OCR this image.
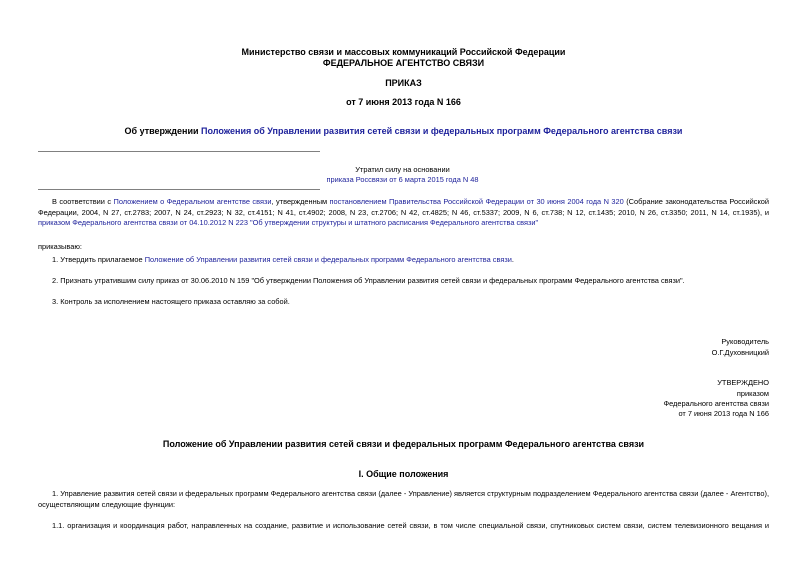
Министерство связи и массовых коммуникаций Российской Федерации
ФЕДЕРАЛЬНОЕ АГЕНТСТВО СВЯЗИ
ПРИКАЗ
от 7 июня 2013 года N 166
Об утверждении Положения об Управлении развития сетей связи и федеральных программ Федерального агентства связи
Утратил силу на основании
приказа Россвязи от 6 марта 2015 года N 48
В соответствии с Положением о Федеральном агентстве связи, утвержденным постановлением Правительства Российской Федерации от 30 июня 2004 года N 320 (Собрание законодательства Российской Федерации, 2004, N 27, ст.2783; 2007, N 24, ст.2923; N 32, ст.4151; N 41, ст.4902; 2008, N 23, ст.2706; N 42, ст.4825; N 46, ст.5337; 2009, N 6, ст.738; N 12, ст.1435; 2010, N 26, ст.3350; 2011, N 14, ст.1935), и приказом Федерального агентства связи от 04.10.2012 N 223 "Об утверждении структуры и штатного расписания Федерального агентства связи"
приказываю:
1. Утвердить прилагаемое Положение об Управлении развития сетей связи и федеральных программ Федерального агентства связи.
2. Признать утратившим силу приказ от 30.06.2010 N 159 "Об утверждении Положения об Управлении развития сетей связи и федеральных программ Федерального агентства связи".
3. Контроль за исполнением настоящего приказа оставляю за собой.
Руководитель
О.Г.Духовницкий
УТВЕРЖДЕНО
приказом
Федерального агентства связи
от 7 июня 2013 года N 166
Положение об Управлении развития сетей связи и федеральных программ Федерального агентства связи
I. Общие положения
1. Управление развития сетей связи и федеральных программ Федерального агентства связи (далее - Управление) является структурным подразделением Федерального агентства связи (далее - Агентство), осуществляющим следующие функции:
1.1. организация и координация работ, направленных на создание, развитие и использование сетей связи, в том числе специальной связи, спутниковых систем связи, систем телевизионного вещания и
